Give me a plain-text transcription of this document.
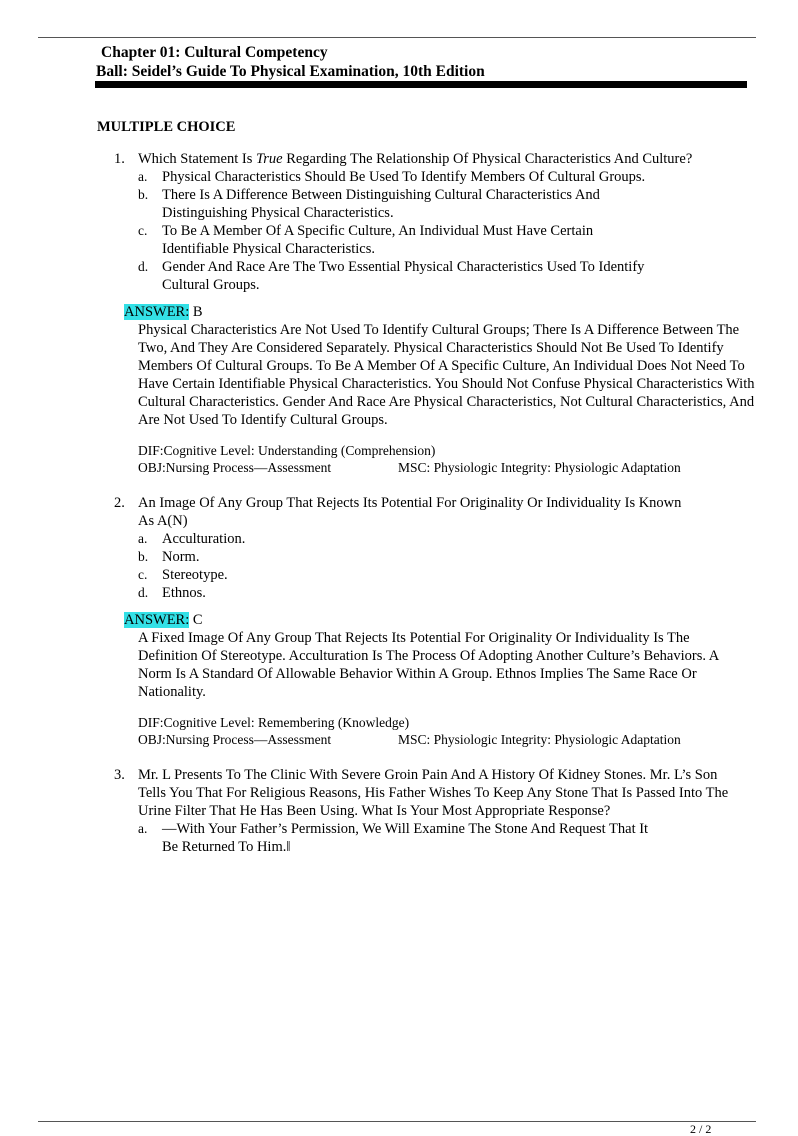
Chapter 01: Cultural Competency
Ball: Seidel’s Guide To Physical Examination, 10th Edition
MULTIPLE CHOICE
1. Which Statement Is True Regarding The Relationship Of Physical Characteristics And Culture?

a. Physical Characteristics Should Be Used To Identify Members Of Cultural Groups.
b. There Is A Difference Between Distinguishing Cultural Characteristics And Distinguishing Physical Characteristics.
c. To Be A Member Of A Specific Culture, An Individual Must Have Certain Identifiable Physical Characteristics.
d. Gender And Race Are The Two Essential Physical Characteristics Used To Identify Cultural Groups.
ANSWER: B

Physical Characteristics Are Not Used To Identify Cultural Groups; There Is A Difference Between The Two, And They Are Considered Separately. Physical Characteristics Should Not Be Used To Identify Members Of Cultural Groups. To Be A Member Of A Specific Culture, An Individual Does Not Need To Have Certain Identifiable Physical Characteristics. You Should Not Confuse Physical Characteristics With Cultural Characteristics. Gender And Race Are Physical Characteristics, Not Cultural Characteristics, And Are Not Used To Identify Cultural Groups.

DIF:Cognitive Level: Understanding (Comprehension)
OBJ:Nursing Process—Assessment	MSC: Physiologic Integrity: Physiologic Adaptation
2. An Image Of Any Group That Rejects Its Potential For Originality Or Individuality Is Known As A(N)

a. Acculturation.
b. Norm.
c. Stereotype.
d. Ethnos.
ANSWER: C

A Fixed Image Of Any Group That Rejects Its Potential For Originality Or Individuality Is The Definition Of Stereotype. Acculturation Is The Process Of Adopting Another Culture’s Behaviors. A Norm Is A Standard Of Allowable Behavior Within A Group. Ethnos Implies The Same Race Or Nationality.

DIF:Cognitive Level: Remembering (Knowledge)
OBJ:Nursing Process—Assessment	MSC: Physiologic Integrity: Physiologic Adaptation
3. Mr. L Presents To The Clinic With Severe Groin Pain And A History Of Kidney Stones. Mr. L’s Son Tells You That For Religious Reasons, His Father Wishes To Keep Any Stone That Is Passed Into The Urine Filter That He Has Been Using. What Is Your Most Appropriate Response?

a. —With Your Father’s Permission, We Will Examine The Stone And Request That It Be Returned To Him.‖
2 / 2
